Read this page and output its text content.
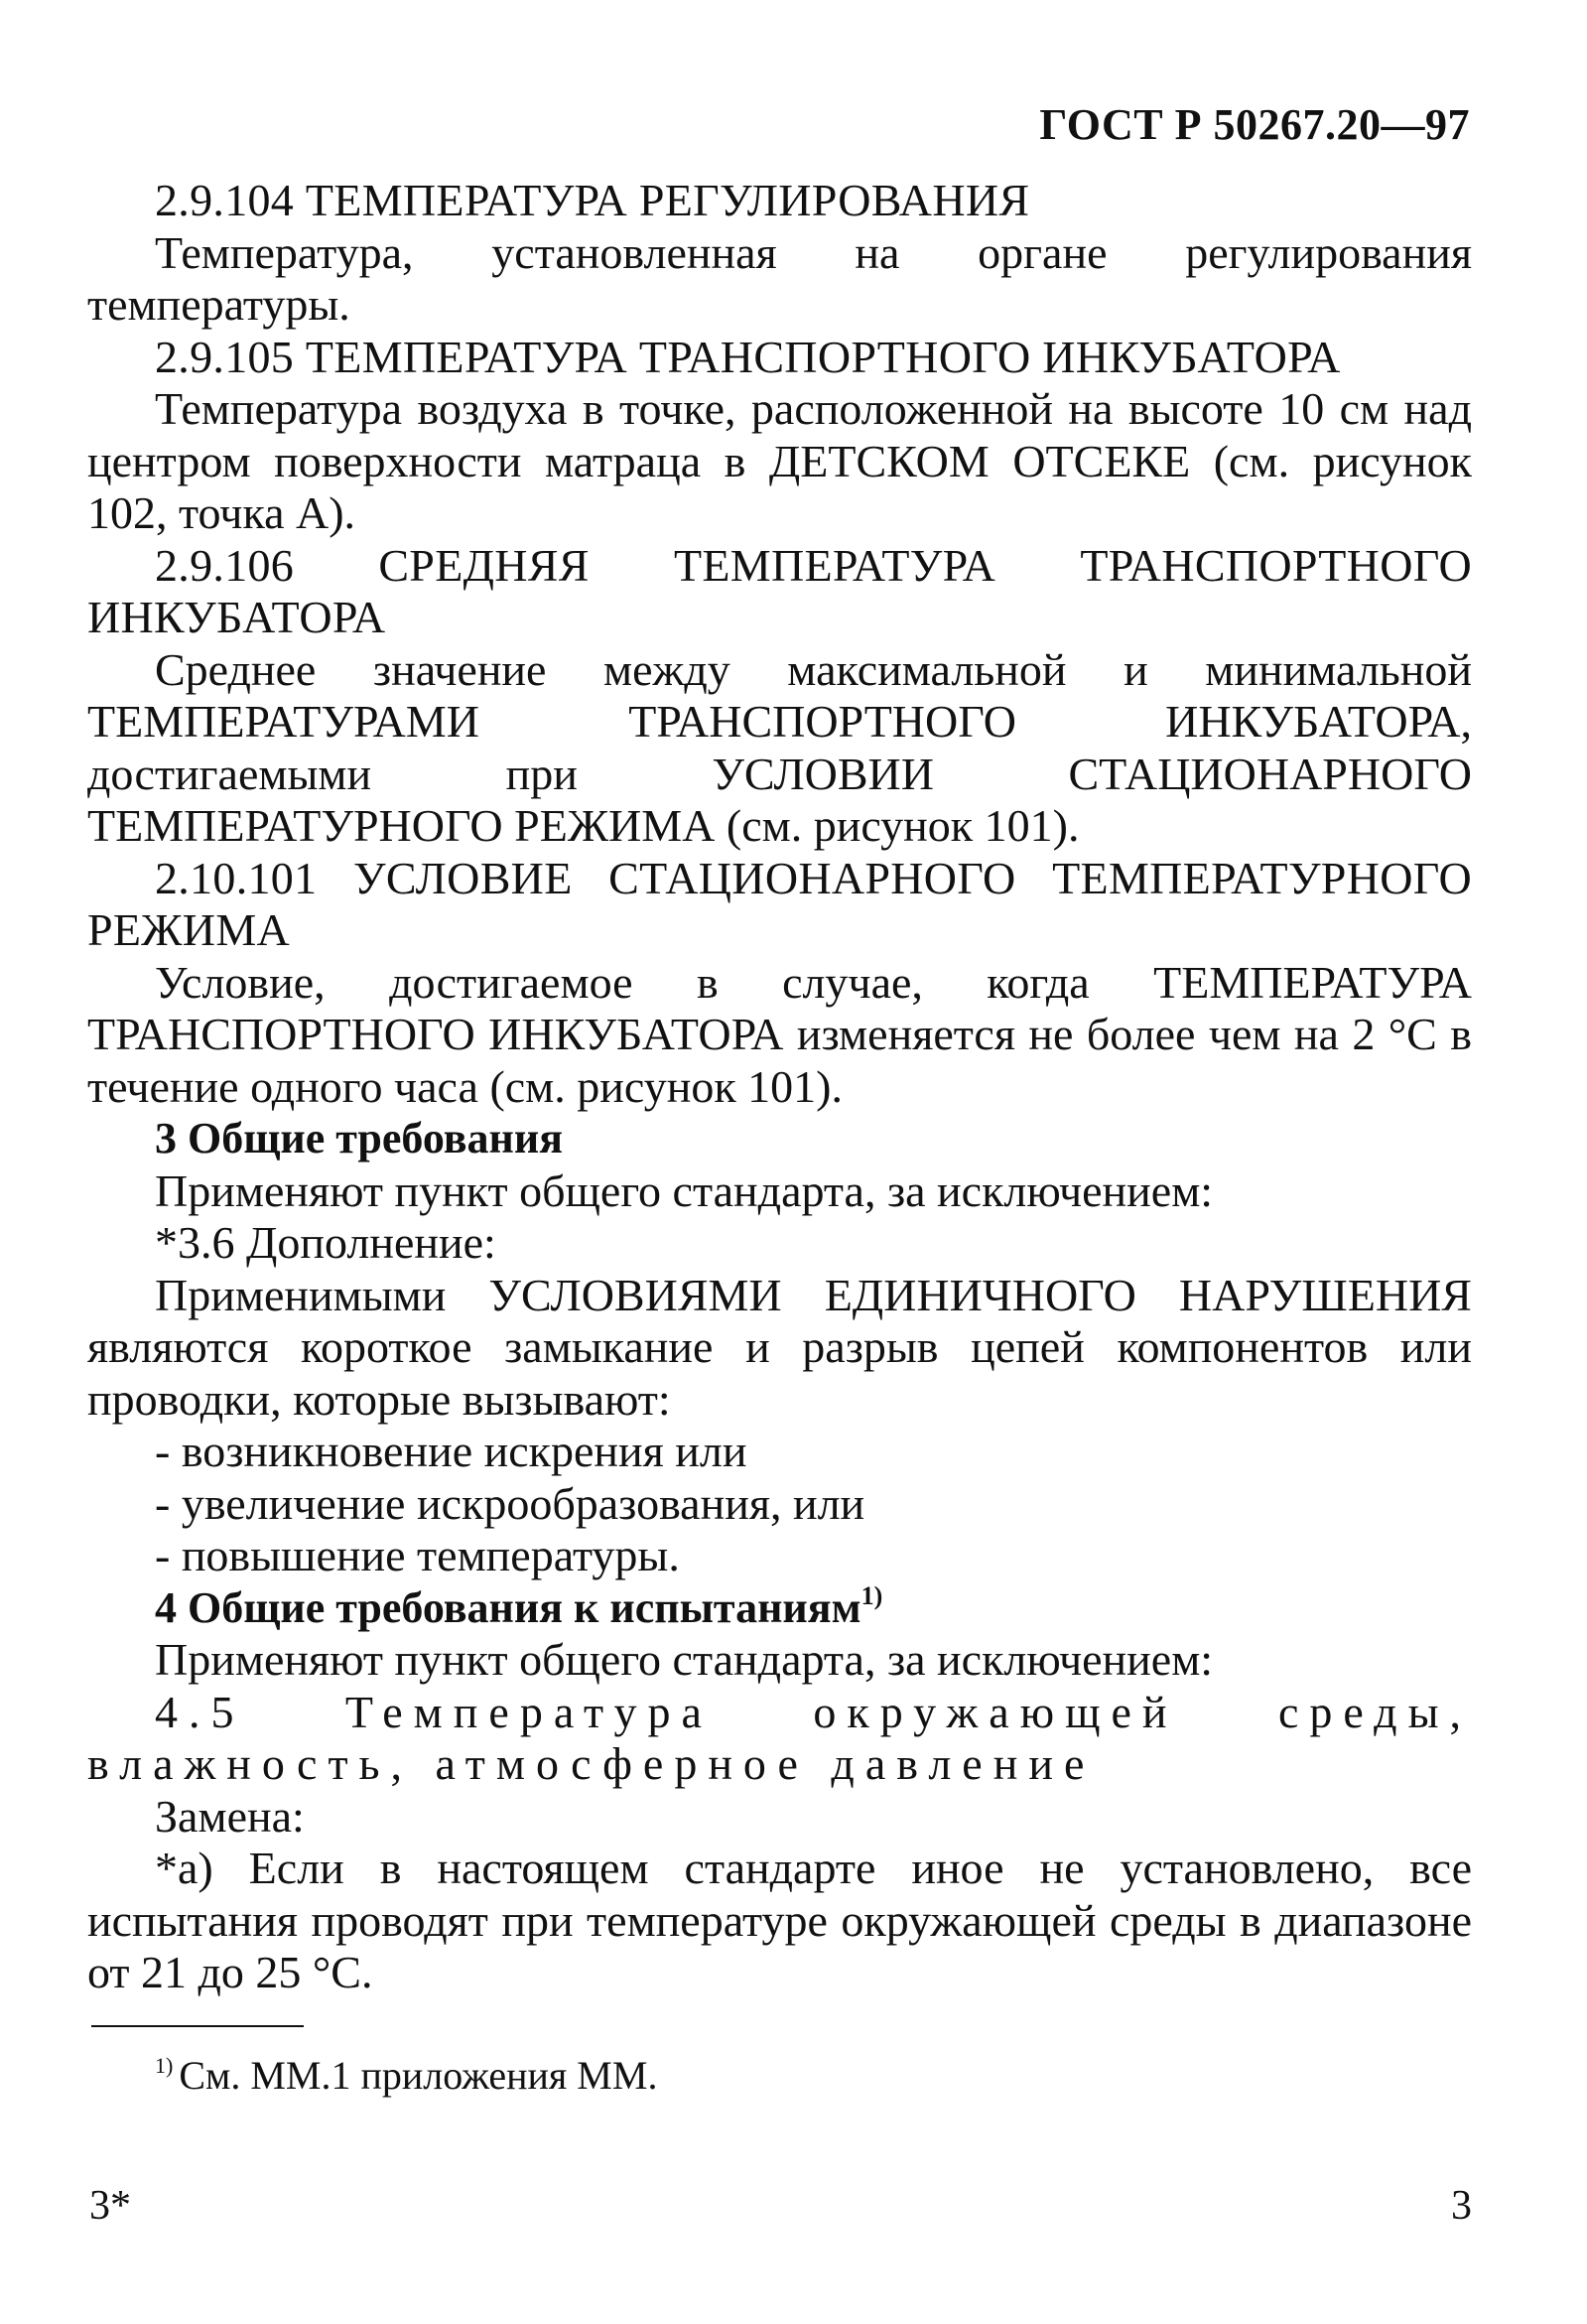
ГОСТ Р 50267.20—97

2.9.104 ТЕМПЕРАТУРА РЕГУЛИРОВАНИЯ

Температура, установленная на органе регулирования температуры.

2.9.105 ТЕМПЕРАТУРА ТРАНСПОРТНОГО ИНКУБАТОРА

Температура воздуха в точке, расположенной на высоте 10 см над центром поверхности матраца в ДЕТСКОМ ОТСЕКЕ (см. рисунок 102, точка А).

2.9.106 СРЕДНЯЯ ТЕМПЕРАТУРА ТРАНСПОРТНОГО ИНКУБАТОРА

Среднее значение между максимальной и минимальной ТЕМПЕРАТУРАМИ ТРАНСПОРТНОГО ИНКУБАТОРА, достигаемыми при УСЛОВИИ СТАЦИОНАРНОГО ТЕМПЕРАТУРНОГО РЕЖИМА (см. рисунок 101).

2.10.101 УСЛОВИЕ СТАЦИОНАРНОГО ТЕМПЕРАТУРНОГО РЕЖИМА

Условие, достигаемое в случае, когда ТЕМПЕРАТУРА ТРАНСПОРТНОГО ИНКУБАТОРА изменяется не более чем на 2 °С в течение одного часа (см. рисунок 101).

3 Общие требования

Применяют пункт общего стандарта, за исключением:

*3.6 Дополнение:

Применимыми УСЛОВИЯМИ ЕДИНИЧНОГО НАРУШЕНИЯ являются короткое замыкание и разрыв цепей компонентов или проводки, которые вызывают:

- возникновение искрения или

- увеличение искрообразования, или

- повышение температуры.

4 Общие требования к испытаниям$^{1)}$

Применяют пункт общего стандарта, за исключением:

4.5 Температура окружающей среды, влажность, атмосферное давление

Замена:

*а) Если в настоящем стандарте иное не установлено, все испытания проводят при температуре окружающей среды в диапазоне от 21 до 25 °С.

$^{1)}$ См. ММ.1 приложения ММ.
3*	3
